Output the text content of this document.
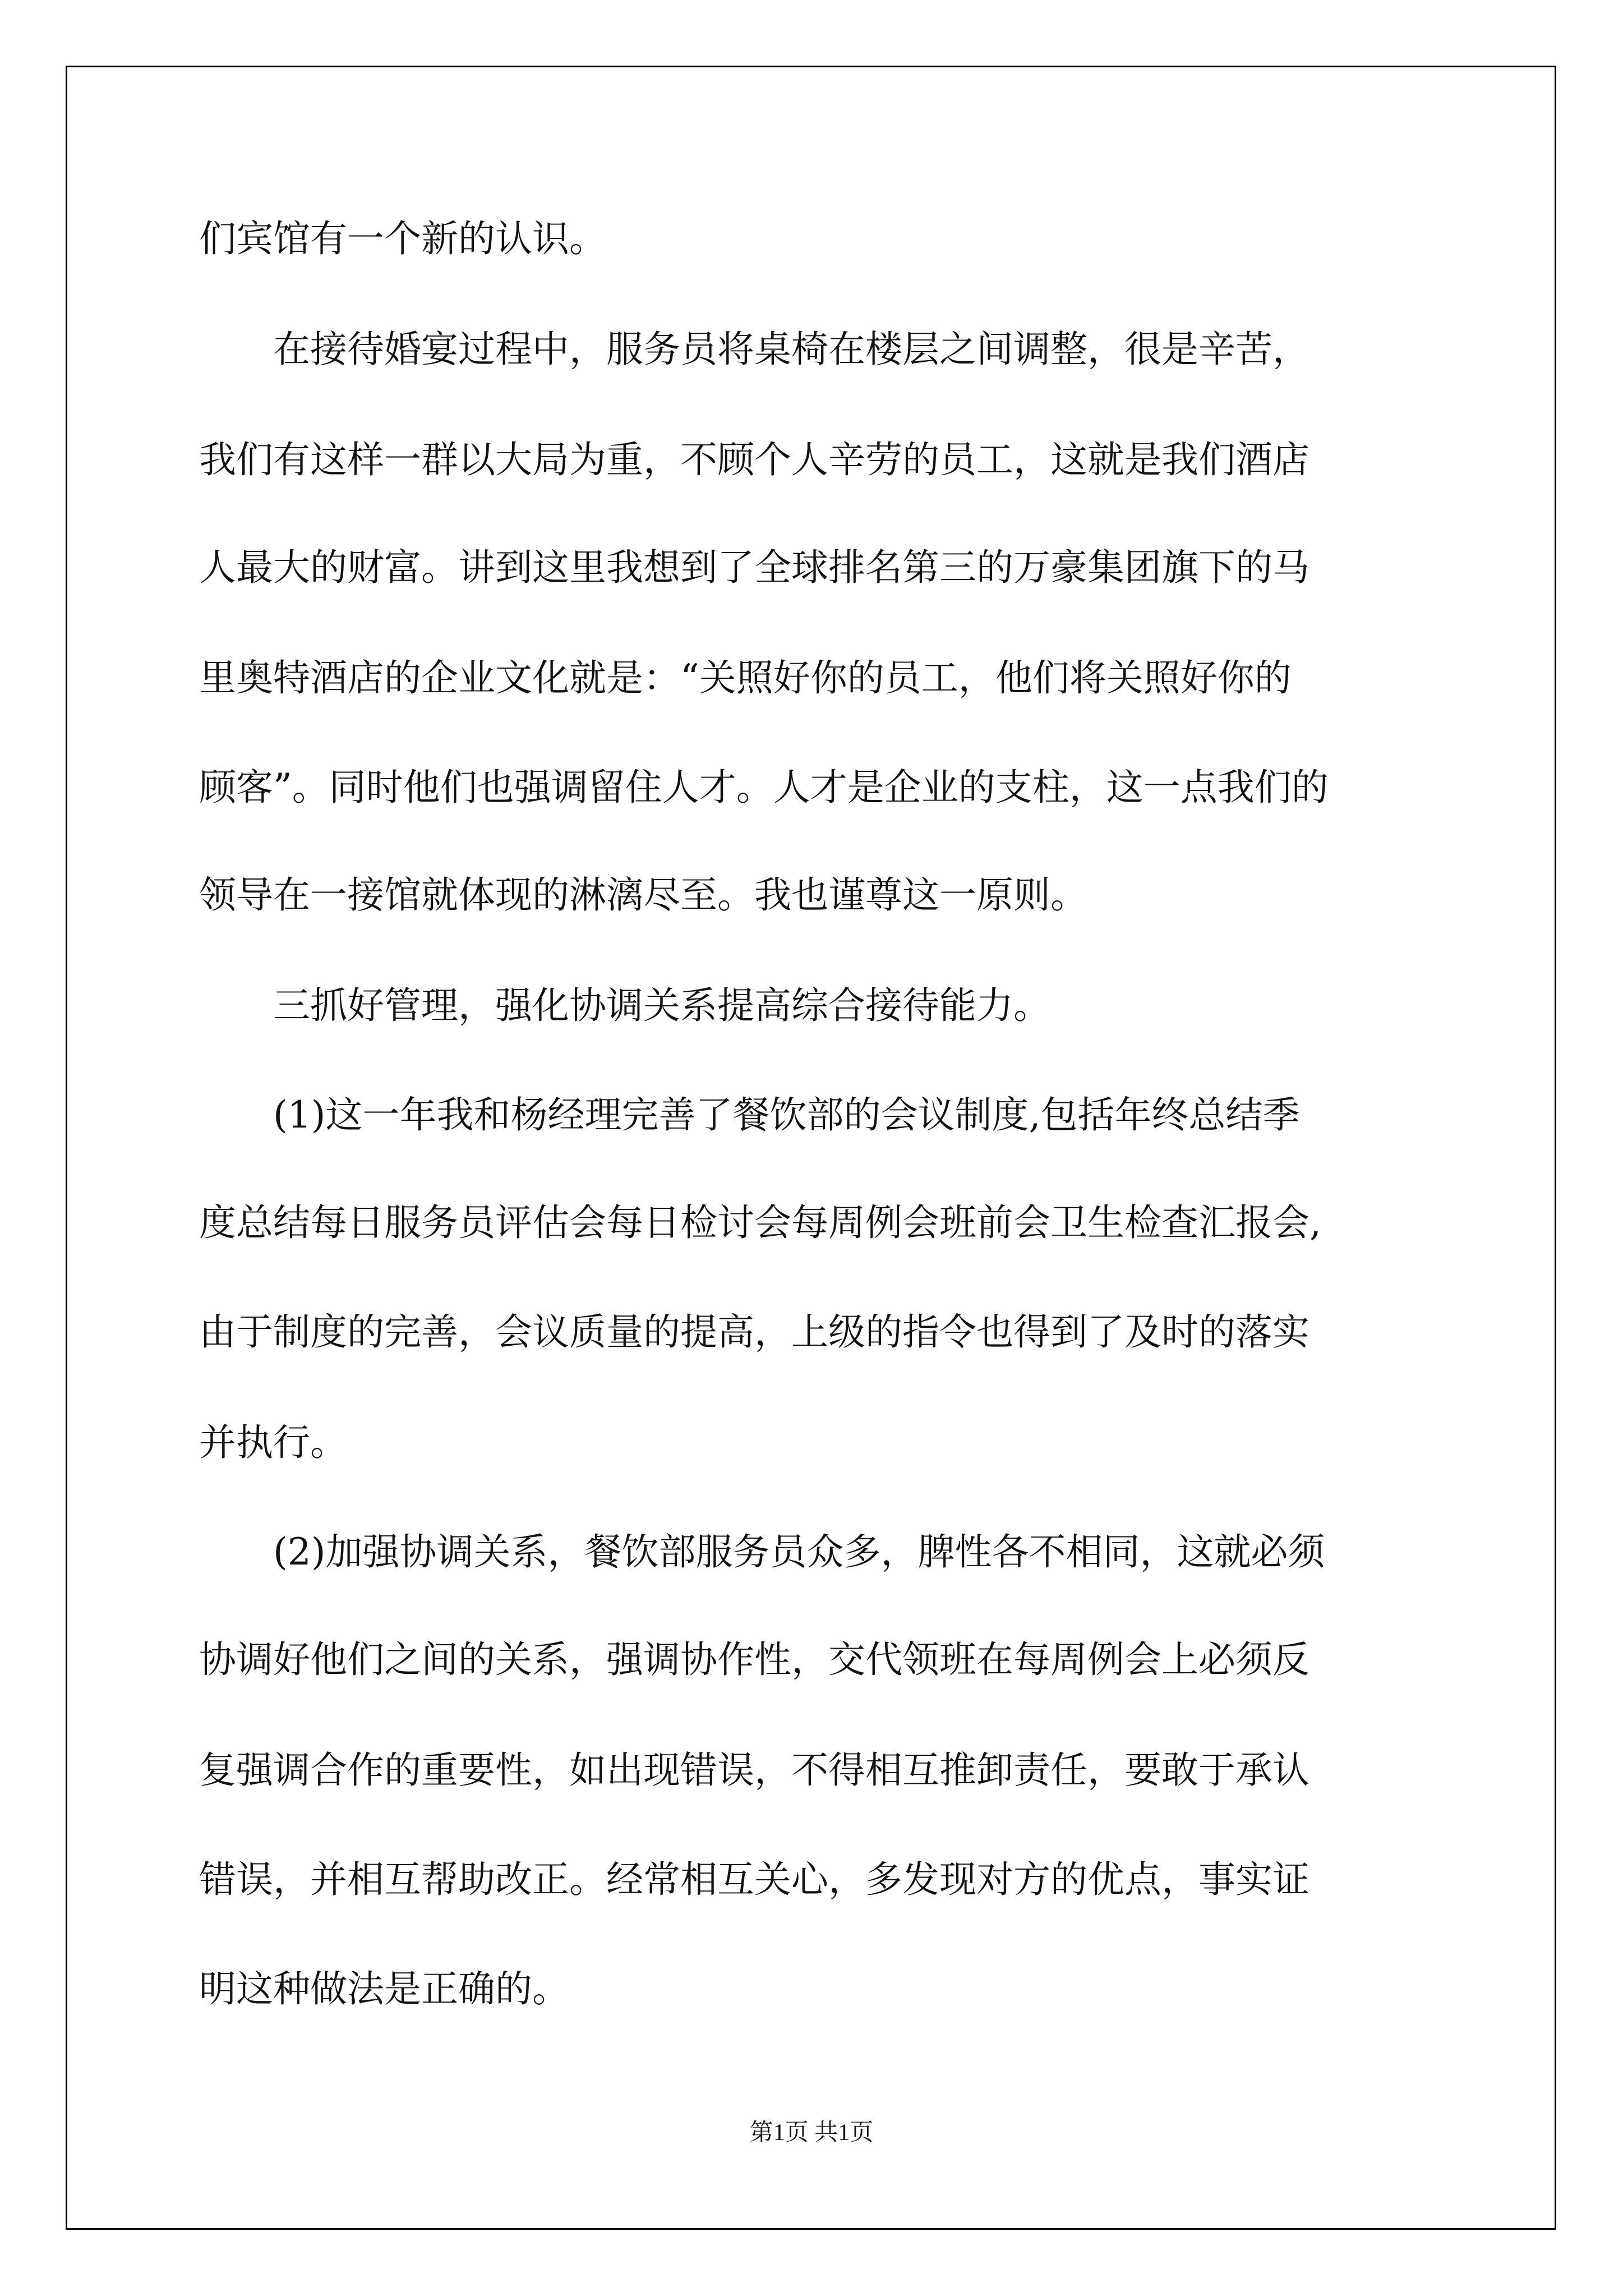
们宾馆有一个新的认识。
在接待婚宴过程中，服务员将桌椅在楼层之间调整，很是辛苦，
我们有这样一群以大局为重，不顾个人辛劳的员工，这就是我们酒店
人最大的财富。讲到这里我想到了全球排名第三的万豪集团旗下的马
里奥特酒店的企业文化就是：“关照好你的员工，他们将关照好你的
顾客”。同时他们也强调留住人才。人才是企业的支柱，这一点我们的
领导在一接馆就体现的淋漓尽至。我也谨尊这一原则。
三抓好管理，强化协调关系提高综合接待能力。
(1)这一年我和杨经理完善了餐饮部的会议制度,包括年终总结季
度总结每日服务员评估会每日检讨会每周例会班前会卫生检查汇报会,
由于制度的完善，会议质量的提高，上级的指令也得到了及时的落实
并执行。
(2)加强协调关系，餐饮部服务员众多，脾性各不相同，这就必须
协调好他们之间的关系，强调协作性，交代领班在每周例会上必须反
复强调合作的重要性，如出现错误，不得相互推卸责任，要敢于承认
错误，并相互帮助改正。经常相互关心，多发现对方的优点，事实证
明这种做法是正确的。
第1页 共1页
